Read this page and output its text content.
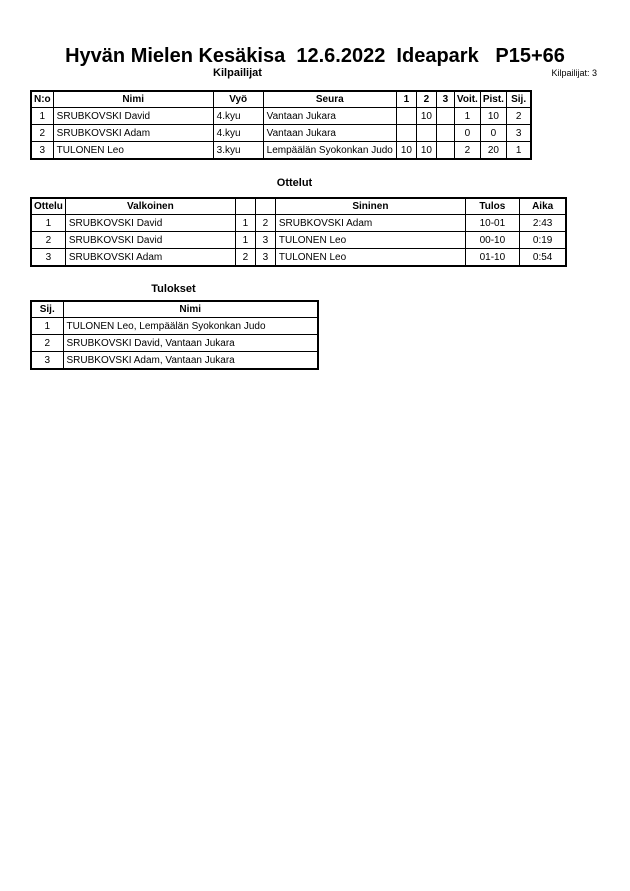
Hyvän Mielen Kesäkisa  12.6.2022  Ideapark   P15+66
Kilpailijat	Kilpailijat: 3
N:o	Nimi	Vyö	Seura	1	2	3	Voit.	Pist.	Sij.
1	SRUBKOVSKI David	4.kyu	Vantaan Jukara		10		1	10	2
2	SRUBKOVSKI Adam	4.kyu	Vantaan Jukara				0	0	3
3	TULONEN Leo	3.kyu	Lempäälän Syokonkan Judo	10	10		2	20	1
Ottelut
Ottelu	Valkoinen			Sininen	Tulos	Aika
1	SRUBKOVSKI David	1	2	SRUBKOVSKI Adam	10-01	2:43
2	SRUBKOVSKI David	1	3	TULONEN Leo	00-10	0:19
3	SRUBKOVSKI Adam	2	3	TULONEN Leo	01-10	0:54
Tulokset
Sij.	Nimi
1	TULONEN Leo, Lempäälän Syokonkan Judo
2	SRUBKOVSKI David, Vantaan Jukara
3	SRUBKOVSKI Adam, Vantaan Jukara
